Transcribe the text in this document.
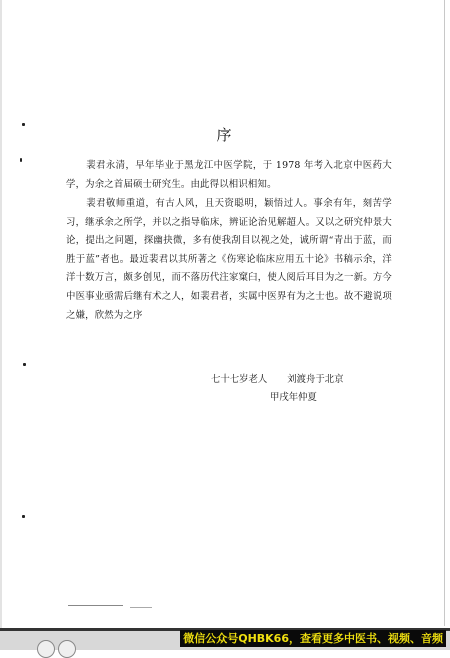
序

裴君永清，早年毕业于黑龙江中医学院，于 1978 年考入北京中医药大学，为余之首届硕士研究生。由此得以相识相知。

裴君敬师重道，有古人风，且天资聪明，颖悟过人。事余有年，刻苦学习，继承余之所学，并以之指导临床，辨证论治见解超人。又以之研究仲景大论，提出之问题，探幽抉微，多有使我刮目以视之处，诚所谓“青出于蓝，而胜于蓝”者也。最近裴君以其所著之《伤寒论临床应用五十论》书稿示余，洋洋十数万言，颇多创见，而不落历代注家窠臼，使人阅后耳目为之一新。方今中医事业亟需后继有术之人，如裴君者，实属中医界有为之士也。故不避说项之嫌，欣然为之序

七十七岁老人 刘渡舟于北京
甲戌年仲夏
微信公众号QHBK66，查看更多中医书、视频、音频
